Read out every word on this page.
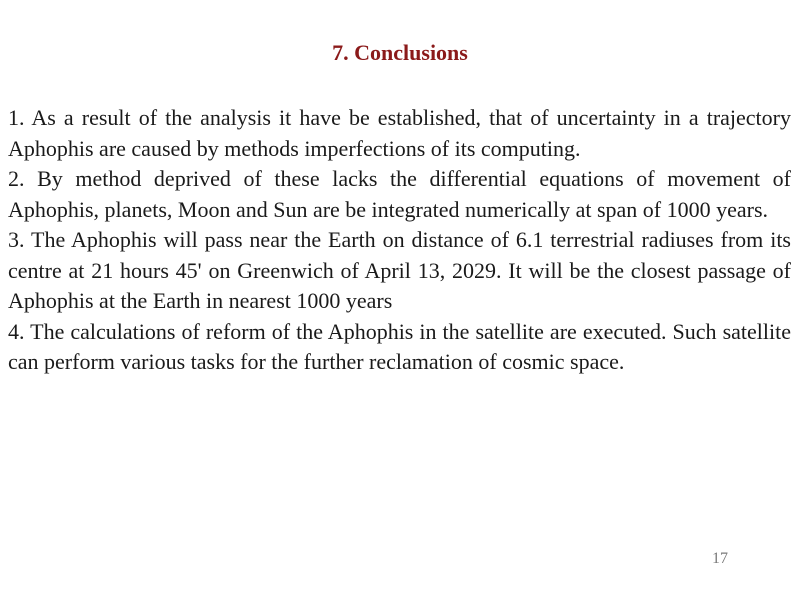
7. Conclusions

1. As a result of the analysis it have be established, that of uncertainty in a trajectory Aphophis are caused by methods imperfections of its computing.

2. By method deprived of these lacks the differential equations of movement of Aphophis, planets, Moon and Sun are be integrated numerically at span of 1000 years.

3. The Aphophis will pass near the Earth on distance of 6.1 terrestrial radiuses from its centre at 21 hours 45' on Greenwich of April 13, 2029. It will be the closest passage of Aphophis at the Earth in nearest 1000 years

4. The calculations of reform of the Aphophis in the satellite are executed. Such satellite can perform various tasks for the further reclamation of cosmic space.

17
